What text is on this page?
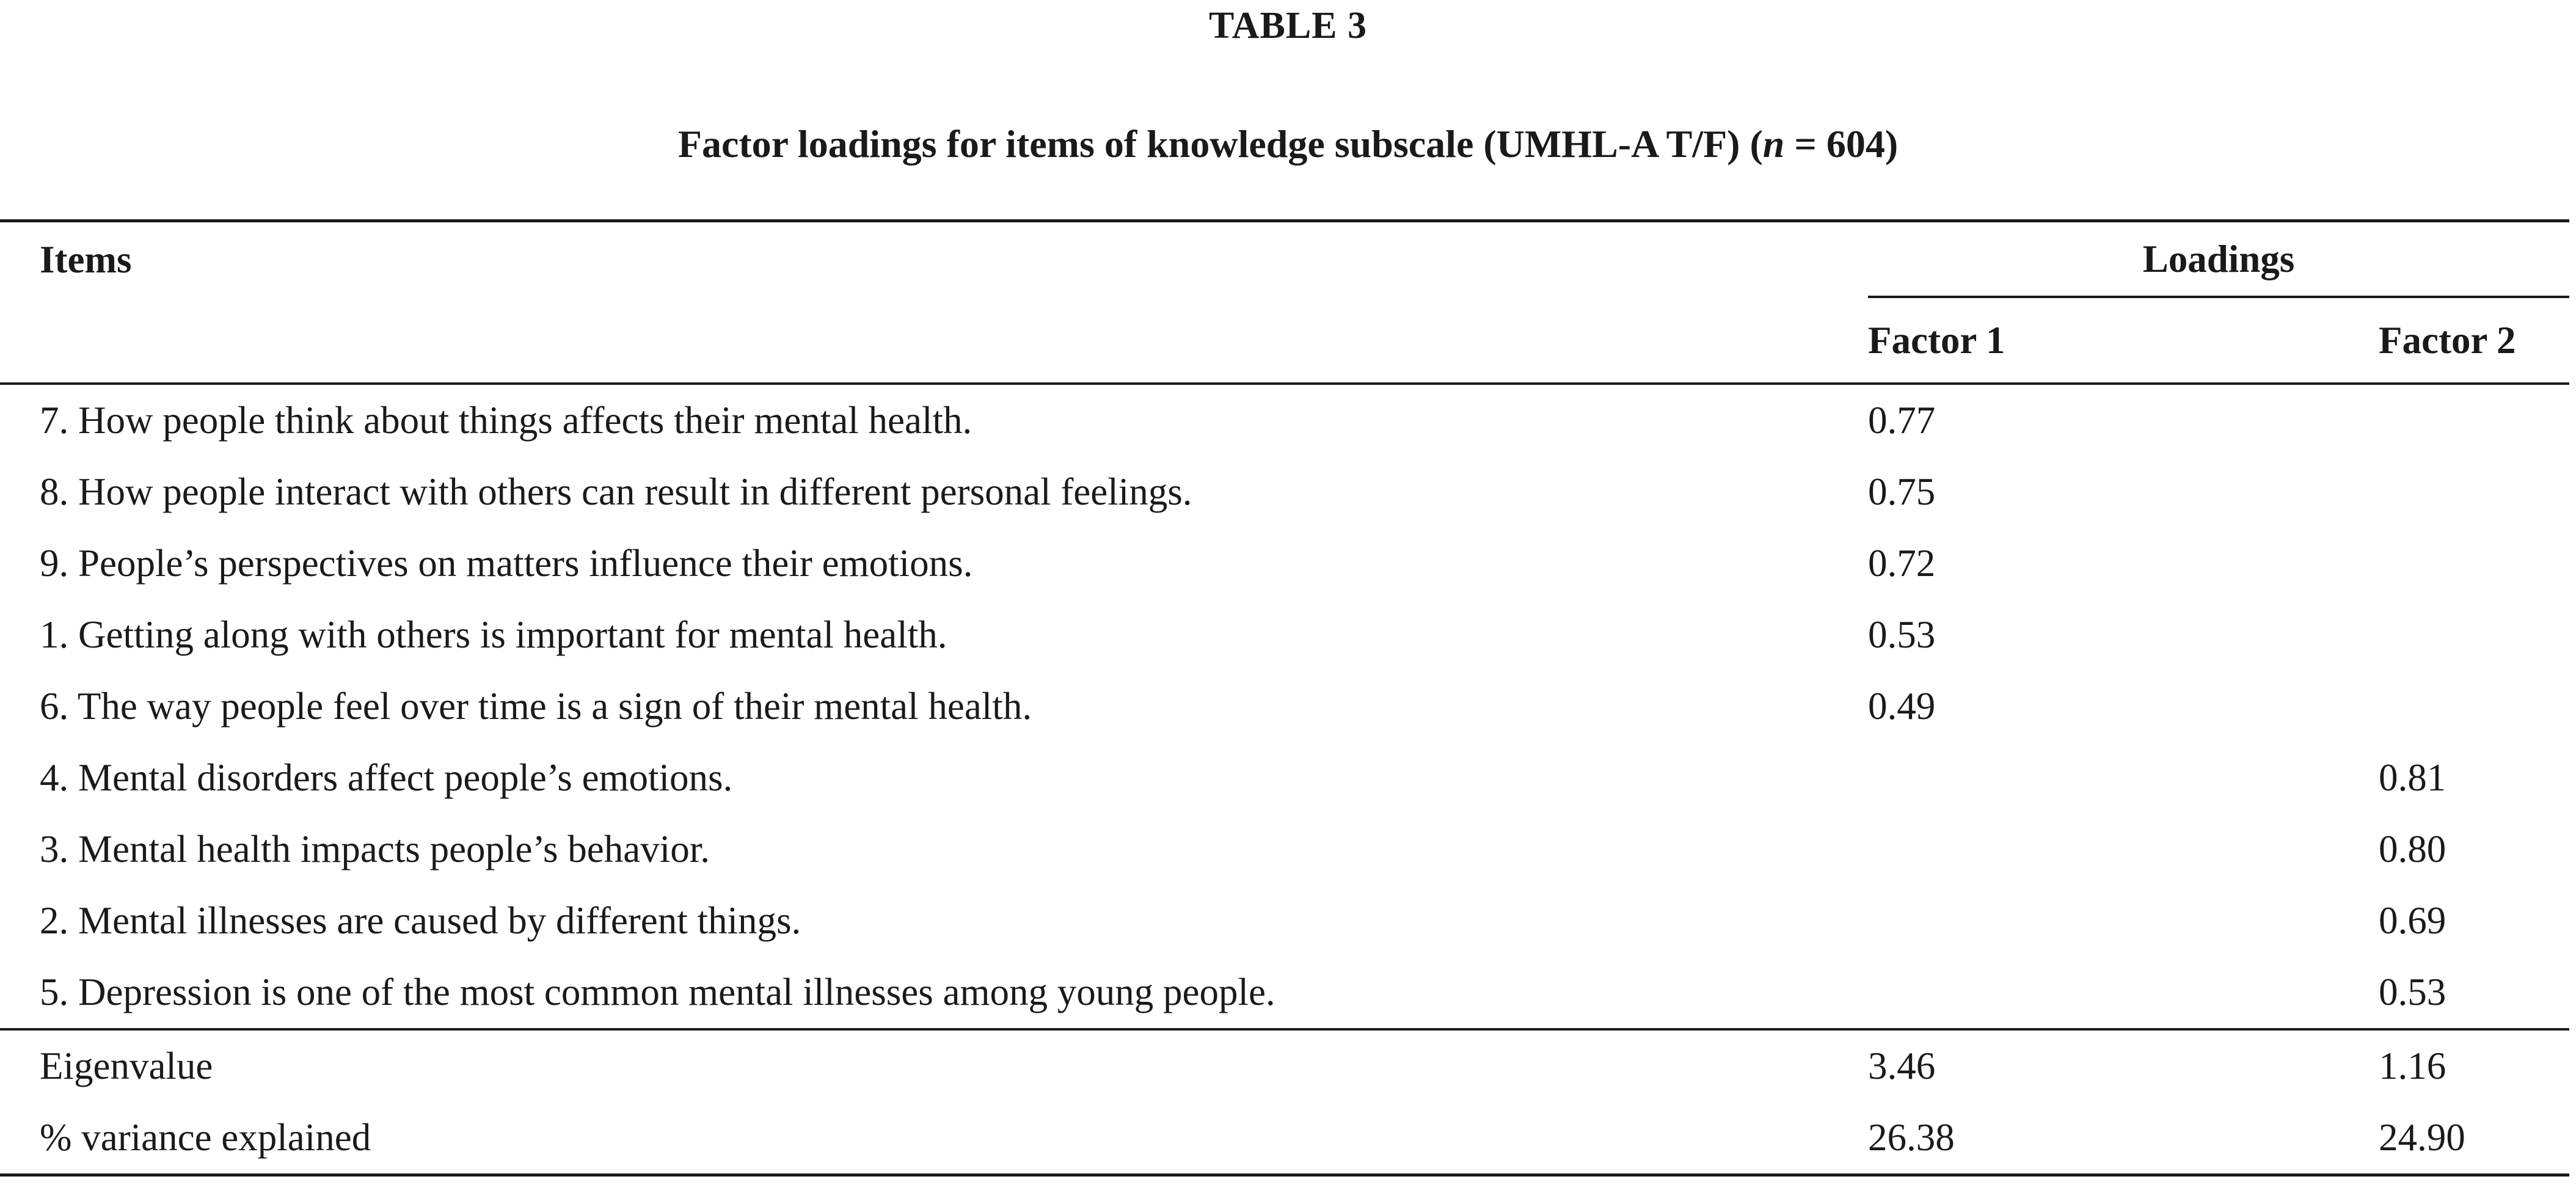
TABLE 3
Factor loadings for items of knowledge subscale (UMHL-A T/F) (n = 604)
Items	Loadings	
	Factor 1	Factor 2
7. How people think about things affects their mental health.	0.77	
8. How people interact with others can result in different personal feelings.	0.75	
9. People’s perspectives on matters influence their emotions.	0.72	
1. Getting along with others is important for mental health.	0.53	
6. The way people feel over time is a sign of their mental health.	0.49	
4. Mental disorders affect people’s emotions.		0.81
3. Mental health impacts people’s behavior.		0.80
2. Mental illnesses are caused by different things.		0.69
5. Depression is one of the most common mental illnesses among young people.		0.53
Eigenvalue	3.46	1.16
% variance explained	26.38	24.90
